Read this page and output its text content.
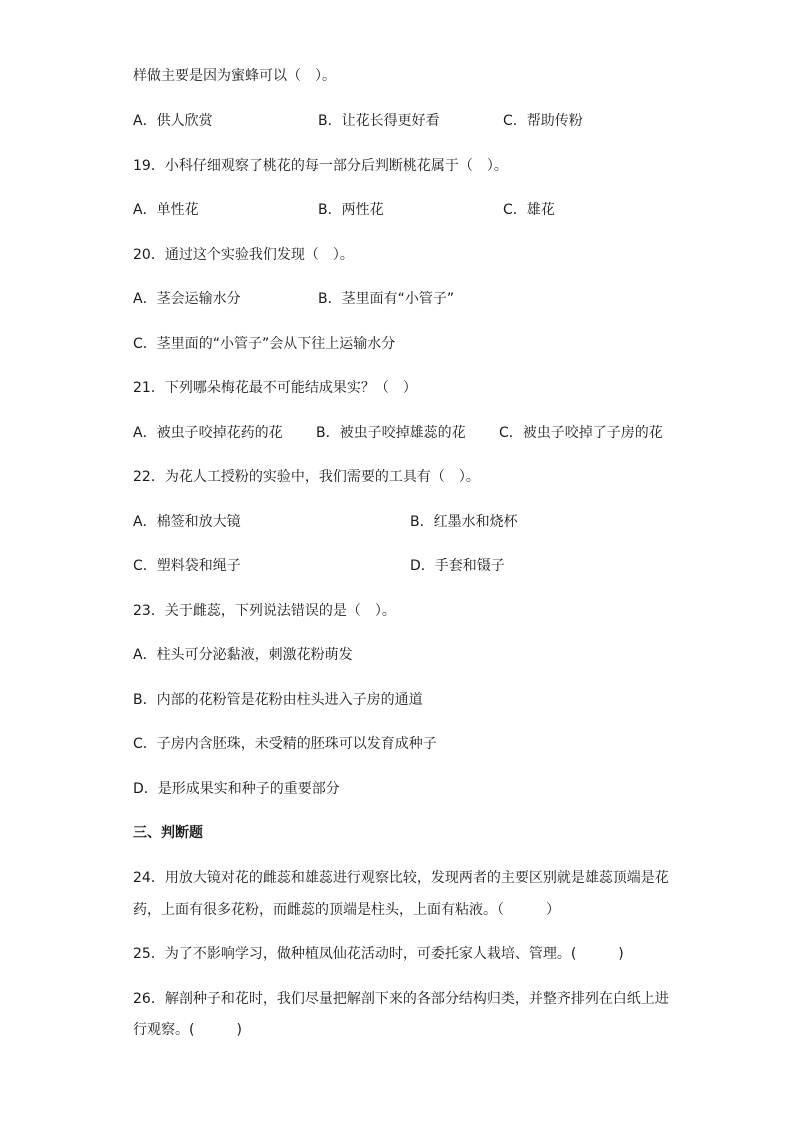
样做主要是因为蜜蜂可以（　）。
A．供人欣赏	B．让花长得更好看	C．帮助传粉
19．小科仔细观察了桃花的每一部分后判断桃花属于（　）。
A．单性花	B．两性花	C．雄花
20．通过这个实验我们发现（　）。
A．茎会运输水分	B．茎里面有“小管子”
C．茎里面的“小管子”会从下往上运输水分
21．下列哪朵梅花最不可能结成果实？（　）
A．被虫子咬掉花药的花 B．被虫子咬掉雄蕊的花 C．被虫子咬掉了子房的花
22．为花人工授粉的实验中，我们需要的工具有（　）。
A．棉签和放大镜	B．红墨水和烧杯
C．塑料袋和绳子	D．手套和镊子
23．关于雌蕊，下列说法错误的是（　）。
A．柱头可分泌黏液，刺激花粉萌发
B．内部的花粉管是花粉由柱头进入子房的通道
C．子房内含胚珠，未受精的胚珠可以发育成种子
D．是形成果实和种子的重要部分
三、判断题
24．用放大镜对花的雌蕊和雄蕊进行观察比较，发现两者的主要区别就是雄蕊顶端是花
药，上面有很多花粉，而雌蕊的顶端是柱头，上面有粘液。（　　　）
25．为了不影响学习，做种植凤仙花活动时，可委托家人栽培、管理。(　　　)
26．解剖种子和花时，我们尽量把解剖下来的各部分结构归类，并整齐排列在白纸上进
行观察。(　　　)
